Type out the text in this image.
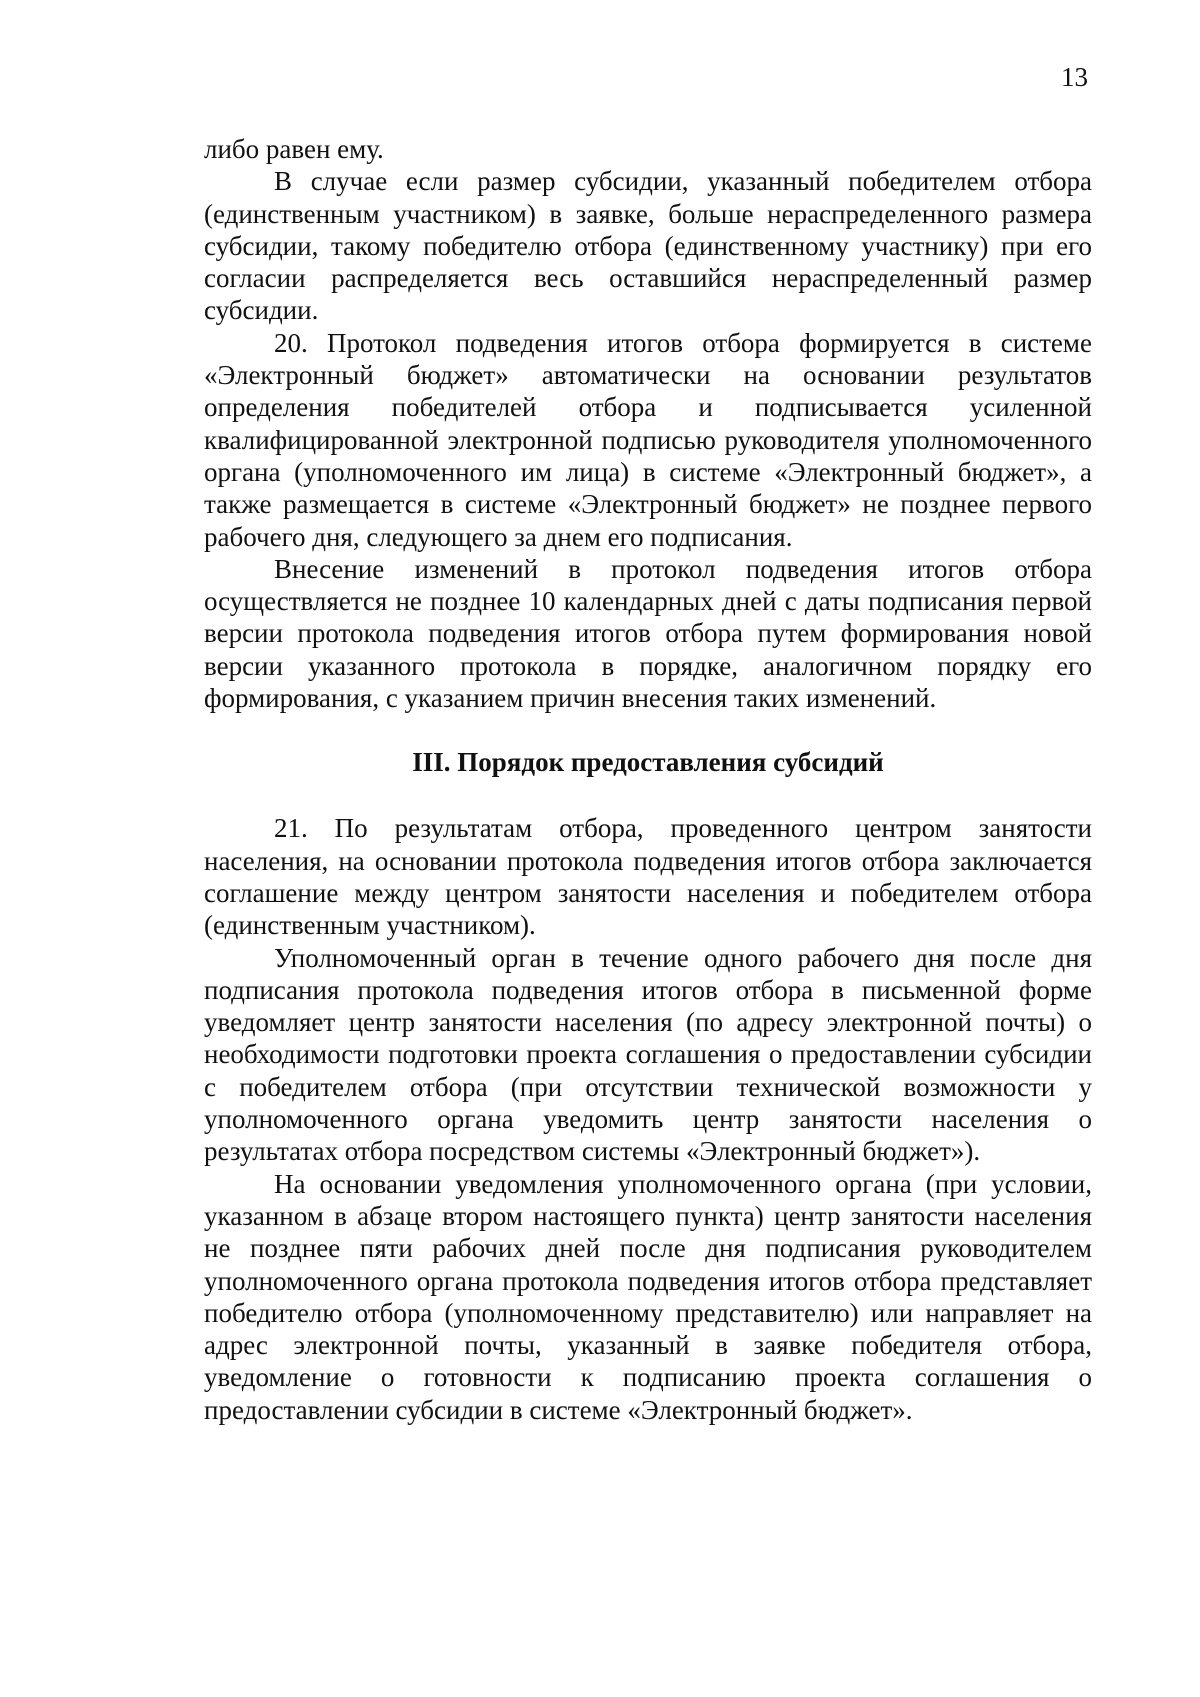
13

либо равен ему.

В случае если размер субсидии, указанный победителем отбора (единственным участником) в заявке, больше нераспределенного размера субсидии, такому победителю отбора (единственному участнику) при его согласии распределяется весь оставшийся нераспределенный размер субсидии.

20. Протокол подведения итогов отбора формируется в системе «Электронный бюджет» автоматически на основании результатов определения победителей отбора и подписывается усиленной квалифицированной электронной подписью руководителя уполномоченного органа (уполномоченного им лица) в системе «Электронный бюджет», а также размещается в системе «Электронный бюджет» не позднее первого рабочего дня, следующего за днем его подписания.

Внесение изменений в протокол подведения итогов отбора осуществляется не позднее 10 календарных дней с даты подписания первой версии протокола подведения итогов отбора путем формирования новой версии указанного протокола в порядке, аналогичном порядку его формирования, с указанием причин внесения таких изменений.

III. Порядок предоставления субсидий

21. По результатам отбора, проведенного центром занятости населения, на основании протокола подведения итогов отбора заключается соглашение между центром занятости населения и победителем отбора (единственным участником).

Уполномоченный орган в течение одного рабочего дня после дня подписания протокола подведения итогов отбора в письменной форме уведомляет центр занятости населения (по адресу электронной почты) о необходимости подготовки проекта соглашения о предоставлении субсидии с победителем отбора (при отсутствии технической возможности у уполномоченного органа уведомить центр занятости населения о результатах отбора посредством системы «Электронный бюджет»).

На основании уведомления уполномоченного органа (при условии, указанном в абзаце втором настоящего пункта) центр занятости населения не позднее пяти рабочих дней после дня подписания руководителем уполномоченного органа протокола подведения итогов отбора представляет победителю отбора (уполномоченному представителю) или направляет на адрес электронной почты, указанный в заявке победителя отбора, уведомление о готовности к подписанию проекта соглашения о предоставлении субсидии в системе «Электронный бюджет».
